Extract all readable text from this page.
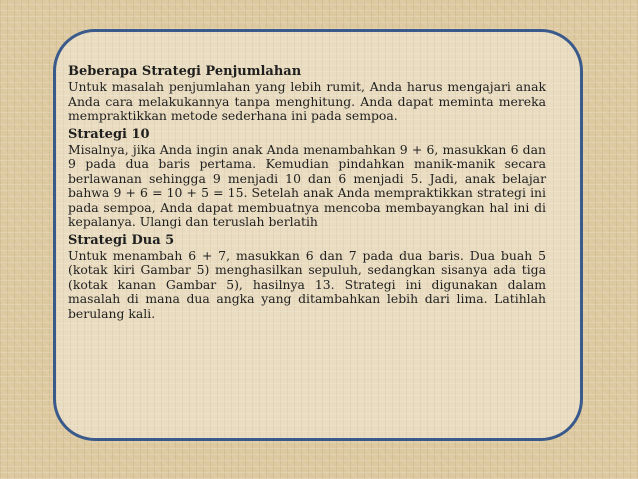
Beberapa Strategi Penjumlahan

Untuk masalah penjumlahan yang lebih rumit, Anda harus mengajari anak Anda cara melakukannya tanpa menghitung. Anda dapat meminta mereka mempraktikkan metode sederhana ini pada sempoa.

Strategi 10

Misalnya, jika Anda ingin anak Anda menambahkan 9 + 6, masukkan 6 dan 9 pada dua baris pertama. Kemudian pindahkan manik-manik secara berlawanan sehingga 9 menjadi 10 dan 6 menjadi 5. Jadi, anak belajar bahwa 9 + 6 = 10 + 5 = 15. Setelah anak Anda mempraktikkan strategi ini pada sempoa, Anda dapat membuatnya mencoba membayangkan hal ini di kepalanya. Ulangi dan teruslah berlatih

Strategi Dua 5

Untuk menambah 6 + 7, masukkan 6 dan 7 pada dua baris. Dua buah 5 (kotak kiri Gambar 5) menghasilkan sepuluh, sedangkan sisanya ada tiga (kotak kanan Gambar 5), hasilnya 13. Strategi ini digunakan dalam masalah di mana dua angka yang ditambahkan lebih dari lima. Latihlah berulang kali.
